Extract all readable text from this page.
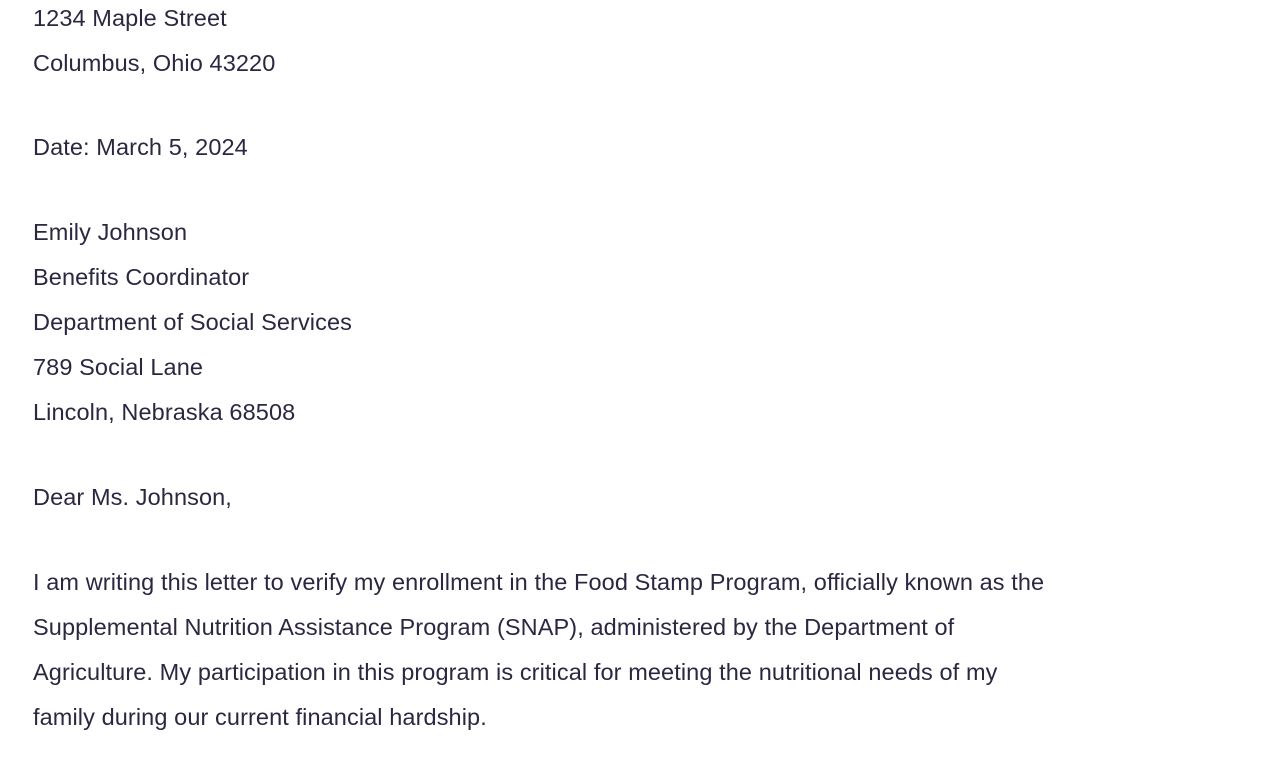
1234 Maple Street
Columbus, Ohio 43220
Date: March 5, 2024
Emily Johnson
Benefits Coordinator
Department of Social Services
789 Social Lane
Lincoln, Nebraska 68508
Dear Ms. Johnson,
I am writing this letter to verify my enrollment in the Food Stamp Program, officially known as the
Supplemental Nutrition Assistance Program (SNAP), administered by the Department of
Agriculture. My participation in this program is critical for meeting the nutritional needs of my
family during our current financial hardship.
